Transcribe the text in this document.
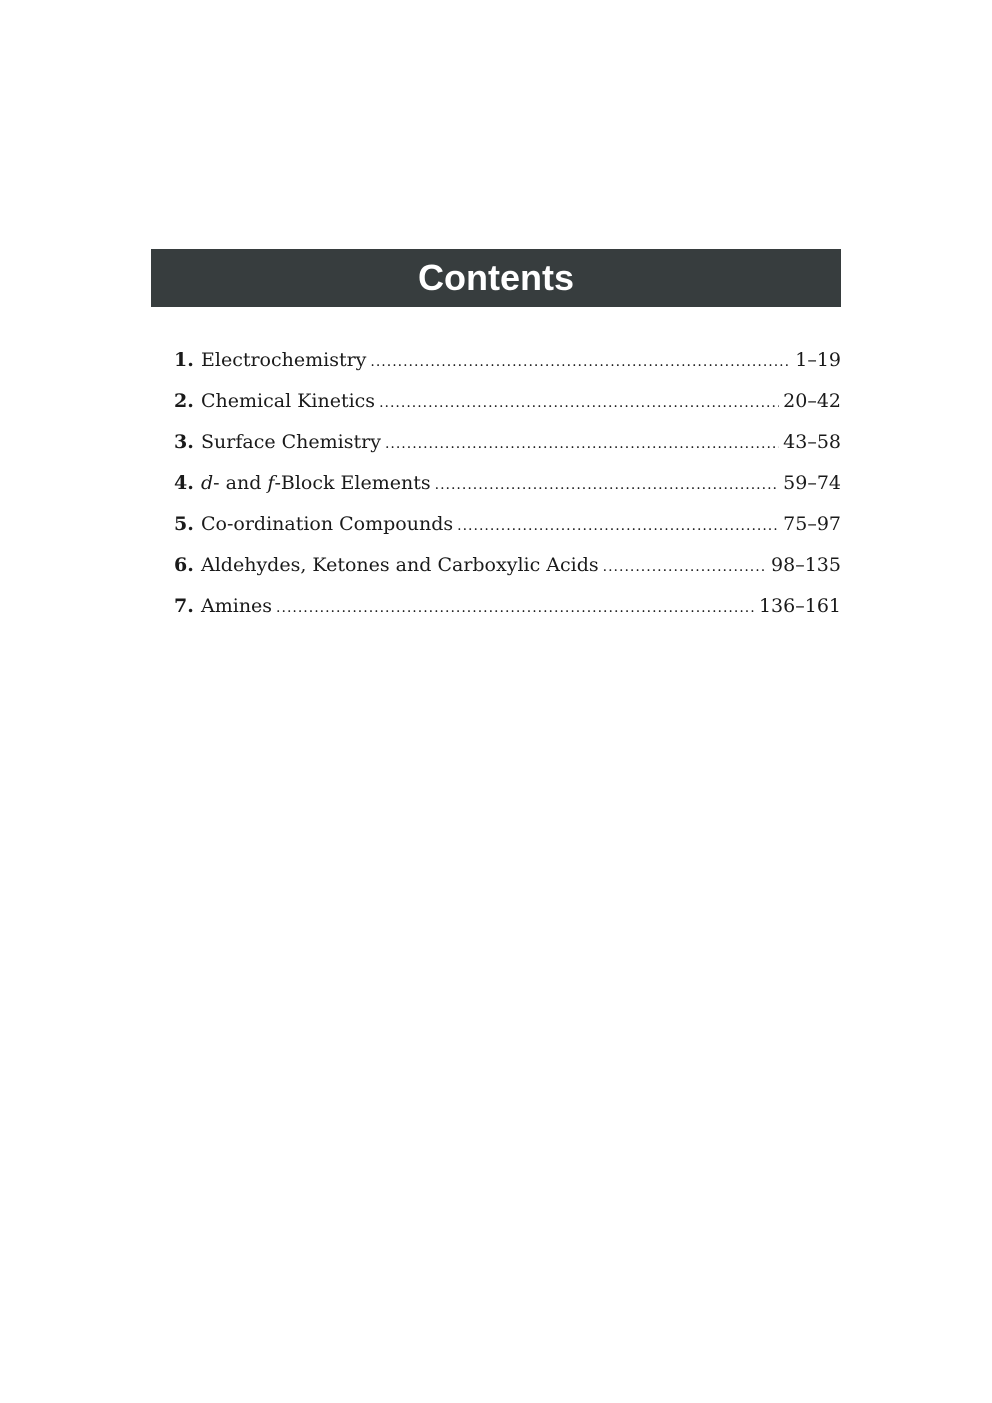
Contents
1. Electrochemistry .....	1–19
2. Chemical Kinetics .....	20–42
3. Surface Chemistry .....	43–58
4. d- and f-Block Elements .....	59–74
5. Co-ordination Compounds .....	75–97
6. Aldehydes, Ketones and Carboxylic Acids .....	98–135
7. Amines .....	136–161
